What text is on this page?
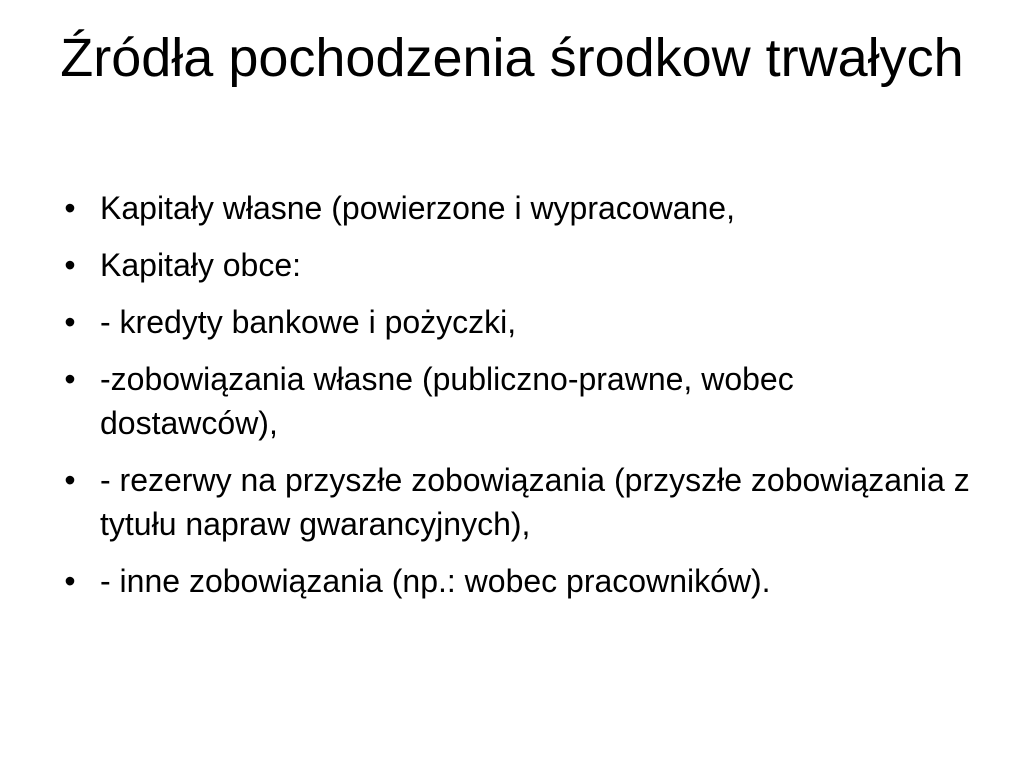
Źródła pochodzenia środkow trwałych
• Kapitały własne (powierzone i wypracowane,
• Kapitały obce:
• - kredyty bankowe i pożyczki,
• -zobowiązania własne (publiczno-prawne, wobec dostawców),
• - rezerwy na przyszłe zobowiązania (przyszłe zobowiązania z tytułu napraw gwarancyjnych),
• - inne zobowiązania (np.: wobec pracowników).
